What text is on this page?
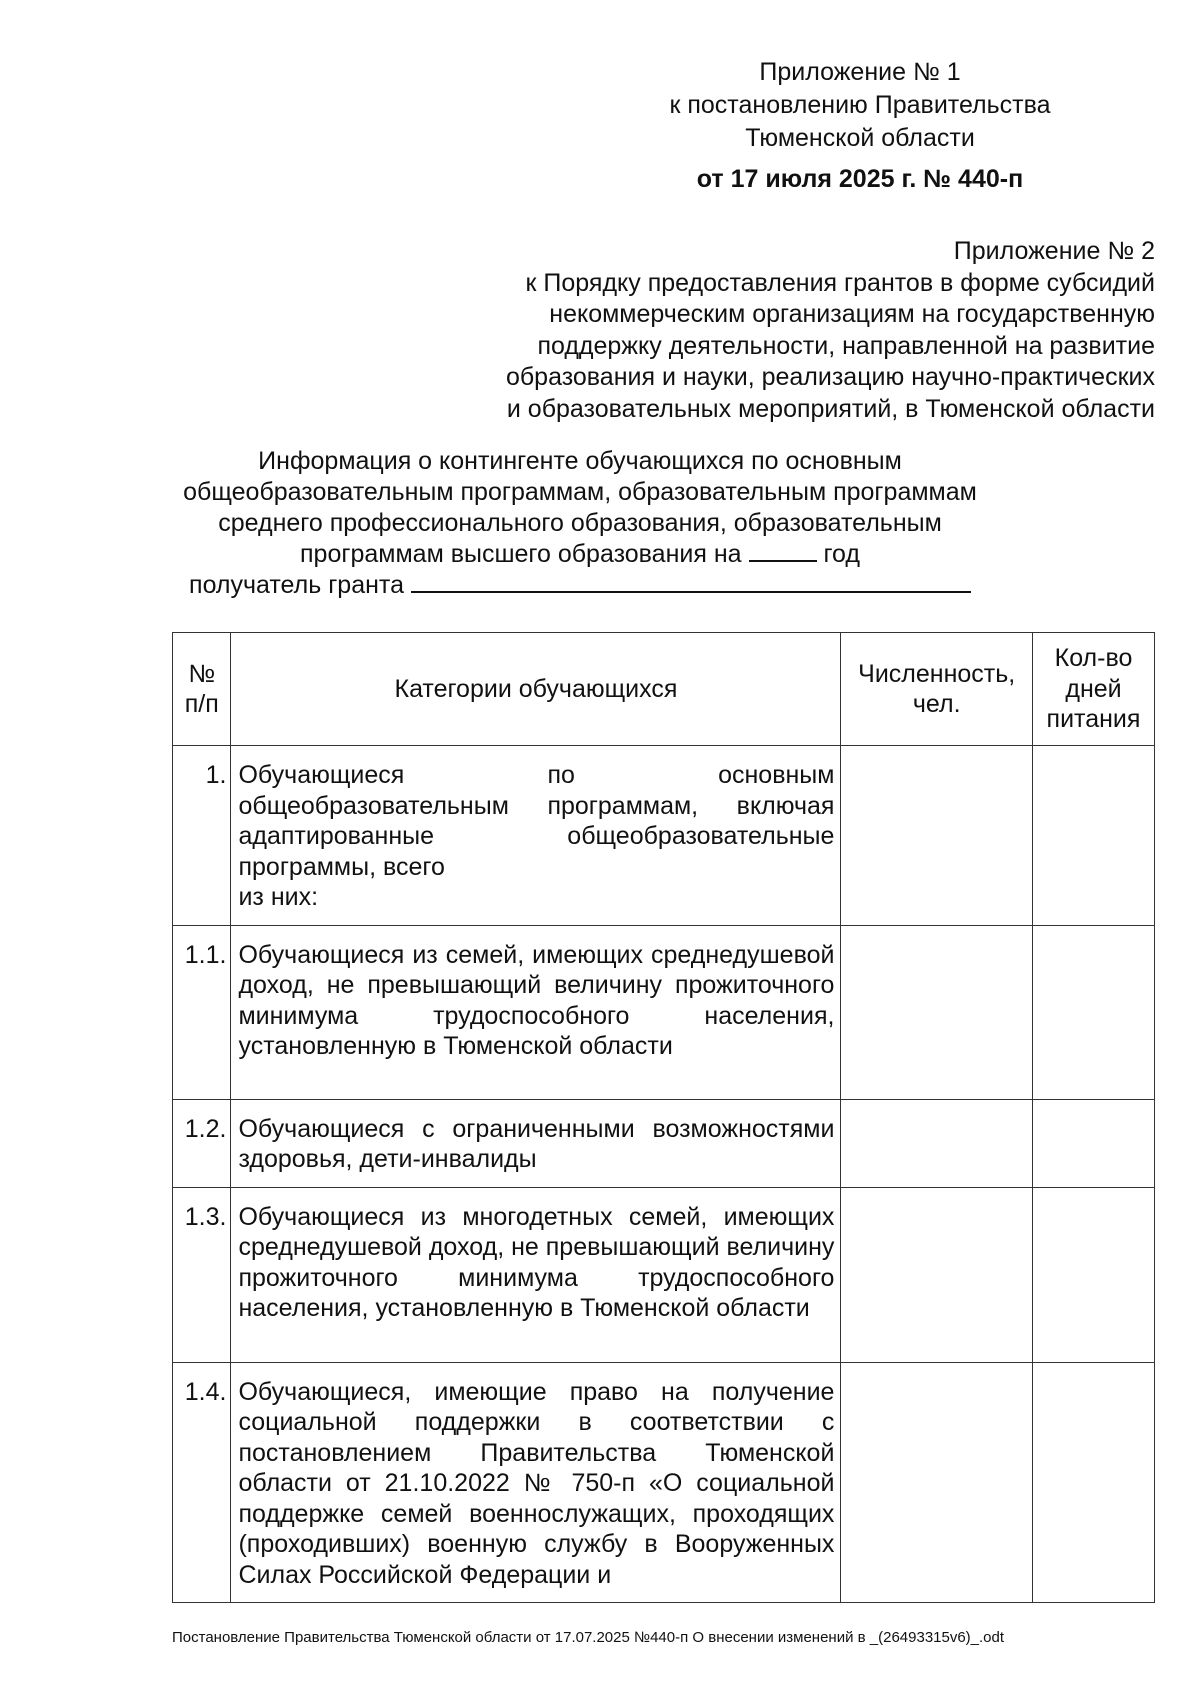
Приложение № 1
к постановлению Правительства
Тюменской области
от 17 июля 2025 г. № 440-п
Приложение № 2
к Порядку предоставления грантов в форме субсидий
некоммерческим организациям на государственную
поддержку деятельности, направленной на развитие
образования и науки, реализацию научно-практических
и образовательных мероприятий, в Тюменской области
Информация о контингенте обучающихся по основным
общеобразовательным программам, образовательным программам
среднего профессионального образования, образовательным
программам высшего образования на	год
получатель гранта
№ п/п	Категории обучающихся	Численность, чел.	Кол-во дней питания
1.	Обучающиеся по основным общеобразовательным программам, включая адаптированные общеобразовательные программы, всего
из них:		

1.1.	Обучающиеся из семей, имеющих среднедушевой доход, не превышающий величину прожиточного минимума трудоспособного населения, установленную в Тюменской области		

1.2.	Обучающиеся с ограниченными возможностями здоровья, дети-инвалиды		

1.3.	Обучающиеся из многодетных семей, имеющих среднедушевой доход, не превышающий величину прожиточного минимума трудоспособного населения, установленную в Тюменской области		

1.4.	Обучающиеся, имеющие право на получение социальной поддержки в соответствии с постановлением Правительства Тюменской области от 21.10.2022 № 750-п «О социальной поддержке семей военнослужащих, проходящих (проходивших) военную службу в Вооруженных Силах Российской Федерации и		

Постановление Правительства Тюменской области от 17.07.2025 №440-п О внесении изменений в _(26493315v6)_.odt
